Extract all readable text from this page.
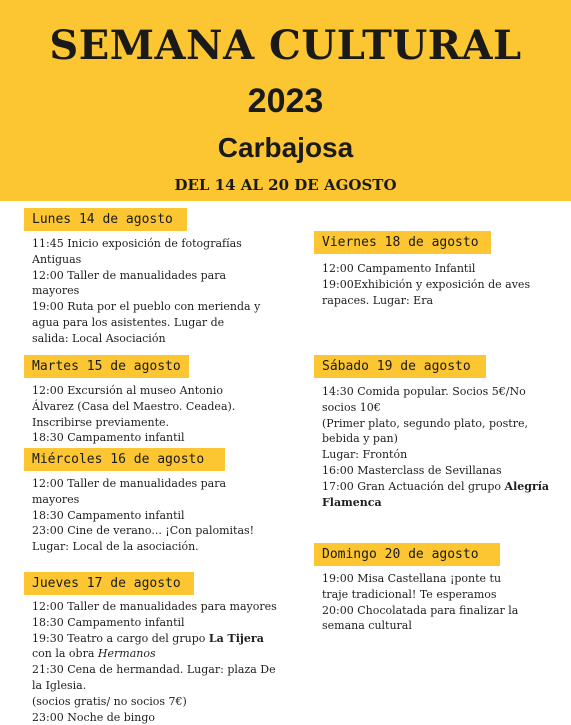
SEMANA CULTURAL
2023
Carbajosa
DEL 14 AL 20 DE AGOSTO
Lunes 14 de agosto
11:45 Inicio exposición de fotografías Antiguas
12:00 Taller de manualidades para mayores
19:00 Ruta por el pueblo con merienda y agua para los asistentes. Lugar de salida: Local Asociación
Martes 15 de agosto
12:00 Excursión al museo Antonio Álvarez (Casa del Maestro. Ceadea). Inscribirse previamente.
18:30 Campamento infantil
Miércoles 16 de agosto
12:00 Taller de manualidades para mayores
18:30 Campamento infantil
23:00 Cine de verano... ¡Con palomitas! Lugar: Local de la asociación.
Jueves 17 de agosto
12:00 Taller de manualidades para mayores
18:30 Campamento infantil
19:30 Teatro a cargo del grupo La Tijera con la obra Hermanos
21:30 Cena de hermandad. Lugar: plaza De la Iglesia.
(socios gratis/ no socios 7€)
23:00 Noche de bingo
Viernes 18 de agosto
12:00 Campamento Infantil
19:00Exhibición y exposición de aves rapaces. Lugar: Era
Sábado 19 de agosto
14:30 Comida popular. Socios 5€/No socios 10€
(Primer plato, segundo plato, postre, bebida y pan)
Lugar: Frontón
16:00 Masterclass de Sevillanas
17:00 Gran Actuación del grupo Alegría Flamenca
Domingo 20 de agosto
19:00 Misa Castellana ¡ponte tu traje tradicional! Te esperamos
20:00 Chocolatada para finalizar la semana cultural
